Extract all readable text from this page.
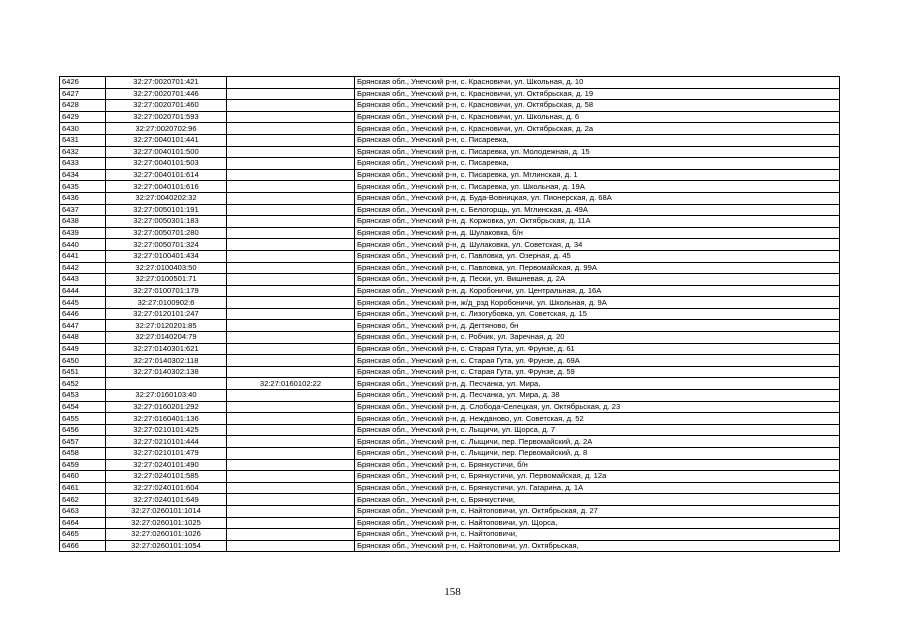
6426	32:27:0020701:421		Брянская обл., Унечский р-н, с. Красновичи, ул. Школьная, д. 10
6427	32:27:0020701:446		Брянская обл., Унечский р-н, с. Красновичи, ул. Октябрьская, д. 19
6428	32:27:0020701:460		Брянская обл., Унечский р-н, с. Красновичи, ул. Октябрьская, д. 58
6429	32:27:0020701:593		Брянская обл., Унечский р-н, с. Красновичи, ул. Школьная, д. 6
6430	32:27:0020702:96		Брянская обл., Унечский р-н, с. Красновичи, ул. Октябрьская, д. 2а
6431	32:27:0040101:441		Брянская обл., Унечский р-н, с. Писаревка,
6432	32:27:0040101:500		Брянская обл., Унечский р-н, с. Писаревка, ул. Молодежная, д. 15
6433	32:27:0040101:503		Брянская обл., Унечский р-н, с. Писаревка,
6434	32:27:0040101:614		Брянская обл., Унечский р-н, с. Писаревка, ул. Мглинская, д. 1
6435	32:27:0040101:616		Брянская обл., Унечский р-н, с. Писаревка, ул. Школьная, д. 19А
6436	32:27:0040202:32		Брянская обл., Унечский р-н, д. Буда-Вовницкая, ул. Пионерская, д. 68А
6437	32:27:0050101:191		Брянская обл., Унечский р-н, с. Белогорщь, ул. Мглинская, д. 49А
6438	32:27:0050301:183		Брянская обл., Унечский р-н, д. Коржовка, ул. Октябрьская, д. 11А
6439	32:27:0050701:280		Брянская обл., Унечский р-н, д. Шулаковка, б/н
6440	32:27:0050701:324		Брянская обл., Унечский р-н, д. Шулаковка, ул. Советская, д. 34
6441	32:27:0100401:434		Брянская обл., Унечский р-н, с. Павловка, ул. Озерная, д. 45
6442	32:27:0100403:50		Брянская обл., Унечский р-н, с. Павловка, ул. Первомайская, д. 99А
6443	32:27:0100501:71		Брянская обл., Унечский р-н, д. Пески, ул. Вишневая, д. 2А
6444	32:27:0100701:179		Брянская обл., Унечский р-н, д. Коробоничи, ул. Центральная, д. 16А
6445	32:27:0100902:6		Брянская обл., Унечский р-н, ж/д_рзд Коробоничи, ул. Школьная, д. 9А
6446	32:27:0120101:247		Брянская обл., Унечский р-н, с. Лизогубовка, ул. Советская, д. 15
6447	32:27:0120201:85		Брянская обл., Унечский р-н, д. Дегтяново, бн
6448	32:27:0140204:79		Брянская обл., Унечский р-н, с. Робчик, ул. Заречная, д. 20
6449	32:27:0140301:621		Брянская обл., Унечский р-н, с. Старая Гута, ул. Фрунзе, д. 61
6450	32:27:0140302:118		Брянская обл., Унечский р-н, с. Старая Гута, ул. Фрунзе, д. 69А
6451	32:27:0140302:138		Брянская обл., Унечский р-н, с. Старая Гута, ул. Фрунзе, д. 59
6452		32:27:0160102:22	Брянская обл., Унечский р-н, д. Песчанка, ул. Мира,
6453	32:27:0160103:40		Брянская обл., Унечский р-н, д. Песчанка, ул. Мира, д. 38
6454	32:27:0160201:292		Брянская обл., Унечский р-н, д. Слобода-Селецкая, ул. Октябрьская, д. 23
6455	32:27:0160401:136		Брянская обл., Унечский р-н, д. Нежданово, ул. Советская, д. 52
6456	32:27:0210101:425		Брянская обл., Унечский р-н, с. Лыщичи, ул. Щорса, д. 7
6457	32:27:0210101:444		Брянская обл., Унечский р-н, с. Лыщичи, пер. Первомайский, д. 2А
6458	32:27:0210101:479		Брянская обл., Унечский р-н, с. Лыщичи, пер. Первомайский, д. 8
6459	32:27:0240101:490		Брянская обл., Унечский р-н, с. Брянкустичи, б/н
6460	32:27:0240101:585		Брянская обл., Унечский р-н, с. Брянкустичи, ул. Первомайская, д. 12а
6461	32:27:0240101:604		Брянская обл., Унечский р-н, с. Брянкустичи, ул. Гагарина, д. 1А
6462	32:27:0240101:649		Брянская обл., Унечский р-н, с. Брянкустичи,
6463	32:27:0260101:1014		Брянская обл., Унечский р-н, с. Найтоповичи, ул. Октябрьская, д. 27
6464	32:27:0260101:1025		Брянская обл., Унечский р-н, с. Найтоповичи, ул. Щорса,
6465	32:27:0260101:1026		Брянская обл., Унечский р-н, с. Найтоповичи,
6466	32:27:0260101:1054		Брянская обл., Унечский р-н, с. Найтоповичи, ул. Октябрьская,
158
